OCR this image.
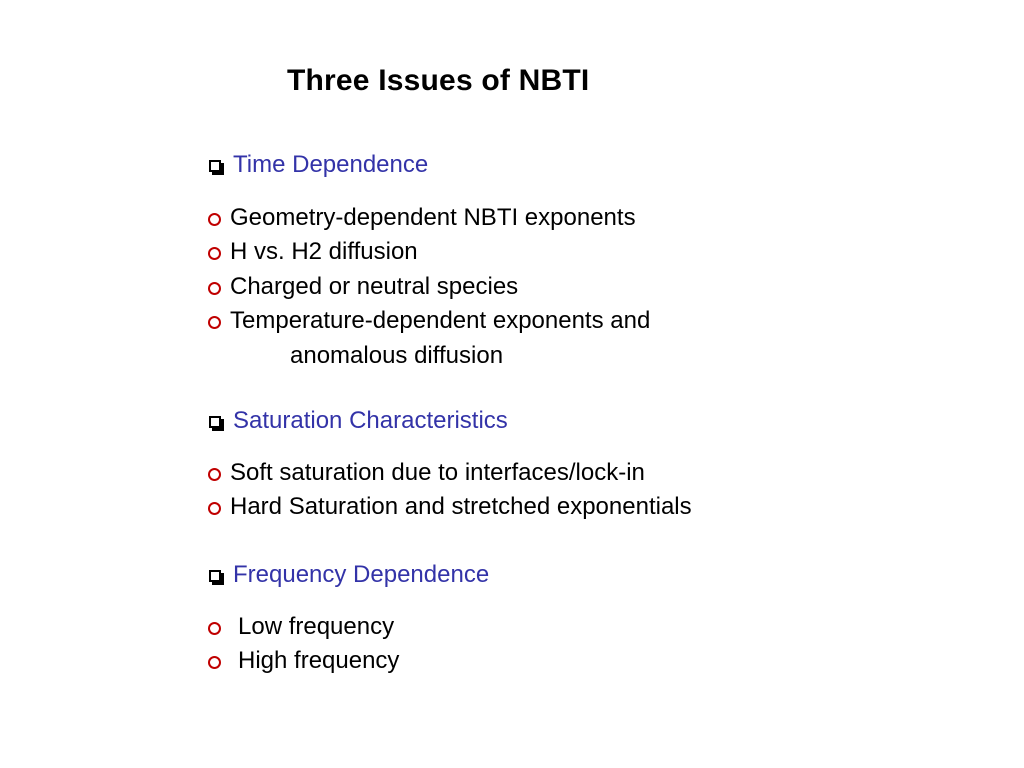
Three Issues of NBTI
Time Dependence
Geometry-dependent NBTI exponents
H vs. H2 diffusion
Charged or neutral species
Temperature-dependent exponents and
anomalous diffusion
Saturation Characteristics
Soft saturation due to interfaces/lock-in
Hard Saturation and stretched exponentials
Frequency Dependence
Low frequency
High frequency
